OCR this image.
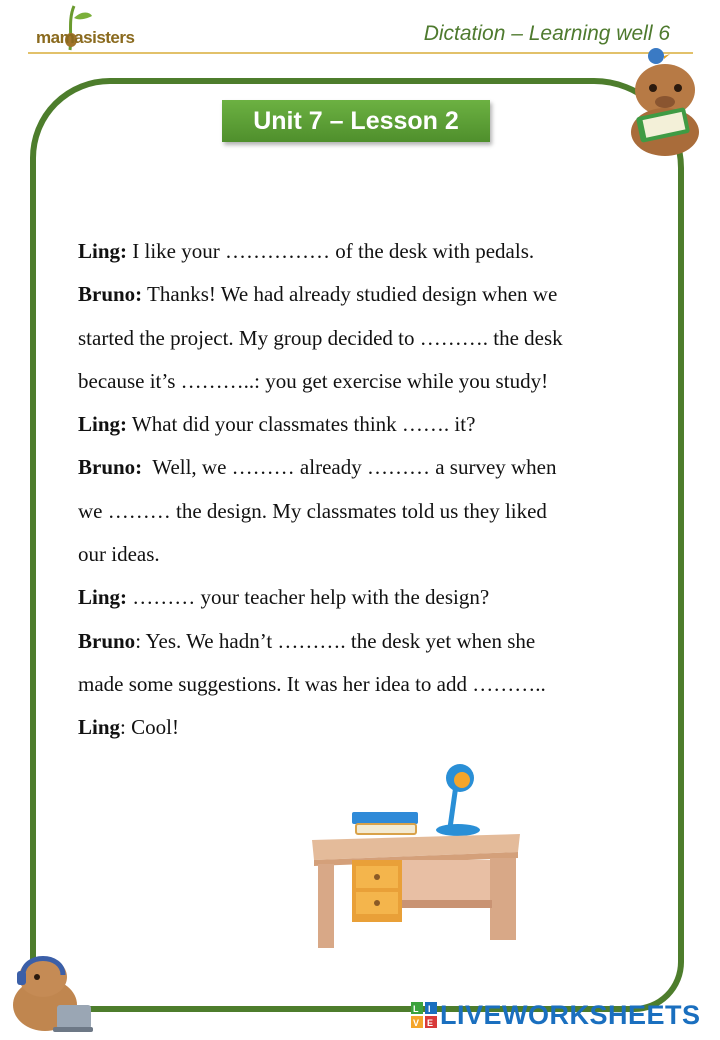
mamasisters	Dictation – Learning well 6
Unit 7 – Lesson 2
Ling: I like your …………… of the desk with pedals.
Bruno: Thanks! We had already studied design when we
started the project. My group decided to ………. the desk
because it’s ………..: you get exercise while you study!
Ling: What did your classmates think ……. it?
Bruno:  Well, we ……… already ……… a survey when
we ……… the design. My classmates told us they liked
our ideas.
Ling: ……… your teacher help with the design?
Bruno: Yes. We hadn’t ………. the desk yet when she
made some suggestions. It was her idea to add ………..
Ling: Cool!
L I
V E LIVEWORKSHEETS
